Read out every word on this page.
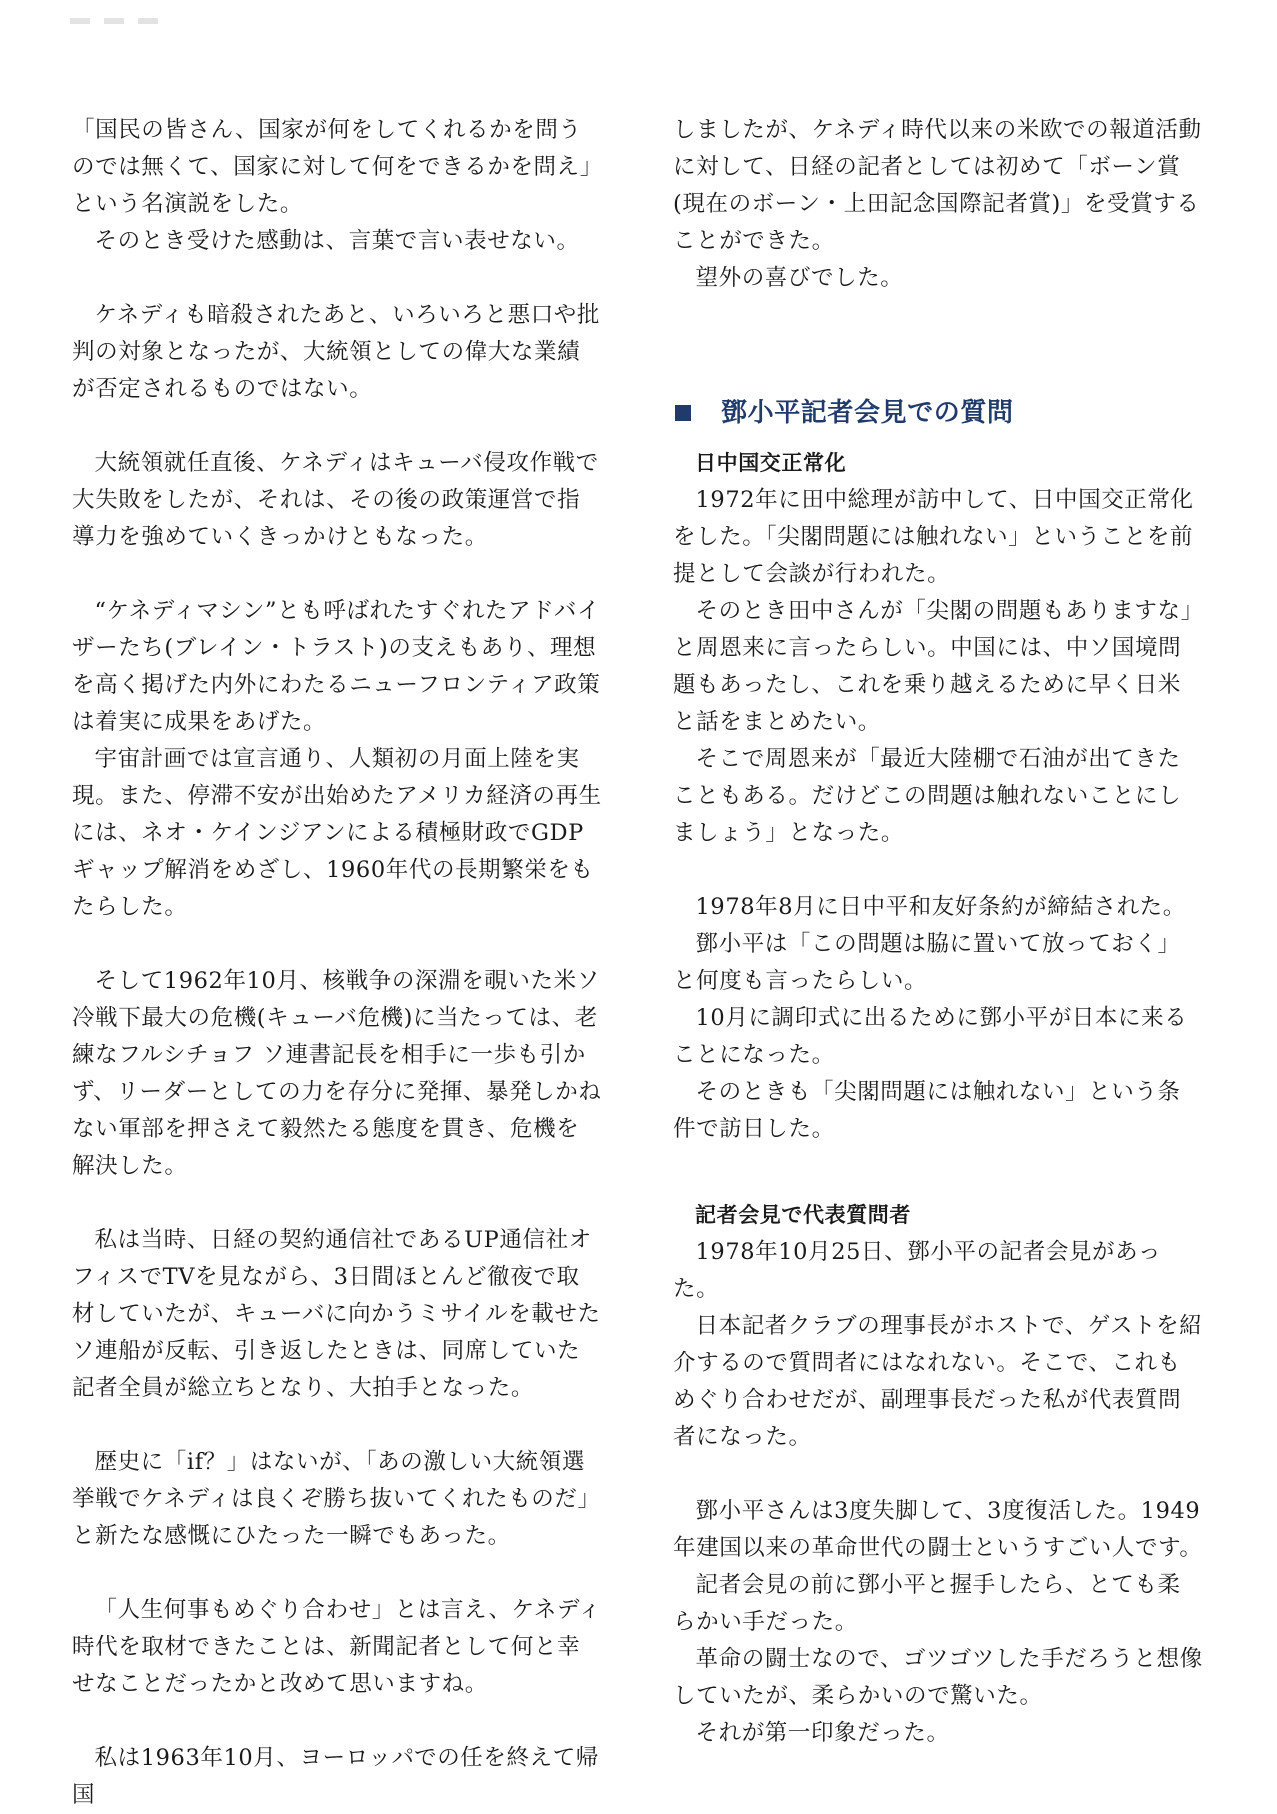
「国民の皆さん、国家が何をしてくれるかを問うのでは無くて、国家に対して何をできるかを問え」という名演説をした。

そのとき受けた感動は、言葉で言い表せない。

ケネディも暗殺されたあと、いろいろと悪口や批判の対象となったが、大統領としての偉大な業績が否定されるものではない。

大統領就任直後、ケネディはキューバ侵攻作戦で大失敗をしたが、それは、その後の政策運営で指導力を強めていくきっかけともなった。

“ケネディマシン”とも呼ばれたすぐれたアドバイザーたち(ブレイン・トラスト)の支えもあり、理想を高く掲げた内外にわたるニューフロンティア政策は着実に成果をあげた。

宇宙計画では宣言通り、人類初の月面上陸を実現。また、停滞不安が出始めたアメリカ経済の再生には、ネオ・ケインジアンによる積極財政でGDPギャップ解消をめざし、1960年代の長期繁栄をもたらした。

そして1962年10月、核戦争の深淵を覗いた米ソ冷戦下最大の危機(キューバ危機)に当たっては、老練なフルシチョフ ソ連書記長を相手に一歩も引かず、リーダーとしての力を存分に発揮、暴発しかねない軍部を押さえて毅然たる態度を貫き、危機を解決した。

私は当時、日経の契約通信社であるUP通信社オフィスでTVを見ながら、3日間ほとんど徹夜で取材していたが、キューバに向かうミサイルを載せたソ連船が反転、引き返したときは、同席していた記者全員が総立ちとなり、大拍手となった。

歴史に「if？」はないが、「あの激しい大統領選挙戦でケネディは良くぞ勝ち抜いてくれたものだ」と新たな感慨にひたった一瞬でもあった。

「人生何事もめぐり合わせ」とは言え、ケネディ時代を取材できたことは、新聞記者として何と幸せなことだったかと改めて思いますね。

私は1963年10月、ヨーロッパでの任を終えて帰国

しましたが、ケネディ時代以来の米欧での報道活動に対して、日経の記者としては初めて「ボーン賞(現在のボーン・上田記念国際記者賞)」を受賞することができた。

望外の喜びでした。

鄧小平記者会見での質問
日中国交正常化

1972年に田中総理が訪中して、日中国交正常化をした。「尖閣問題には触れない」ということを前提として会談が行われた。

そのとき田中さんが「尖閣の問題もありますな」と周恩来に言ったらしい。中国には、中ソ国境問題もあったし、これを乗り越えるために早く日米と話をまとめたい。

そこで周恩来が「最近大陸棚で石油が出てきたこともある。だけどこの問題は触れないことにしましょう」となった。

1978年8月に日中平和友好条約が締結された。

鄧小平は「この問題は脇に置いて放っておく」と何度も言ったらしい。

10月に調印式に出るために鄧小平が日本に来ることになった。

そのときも「尖閣問題には触れない」という条件で訪日した。

記者会見で代表質問者

1978年10月25日、鄧小平の記者会見があった。

日本記者クラブの理事長がホストで、ゲストを紹介するので質問者にはなれない。そこで、これもめぐり合わせだが、副理事長だった私が代表質問者になった。

鄧小平さんは3度失脚して、3度復活した。1949年建国以来の革命世代の闘士というすごい人です。

記者会見の前に鄧小平と握手したら、とても柔らかい手だった。

革命の闘士なので、ゴツゴツした手だろうと想像していたが、柔らかいので驚いた。

それが第一印象だった。
